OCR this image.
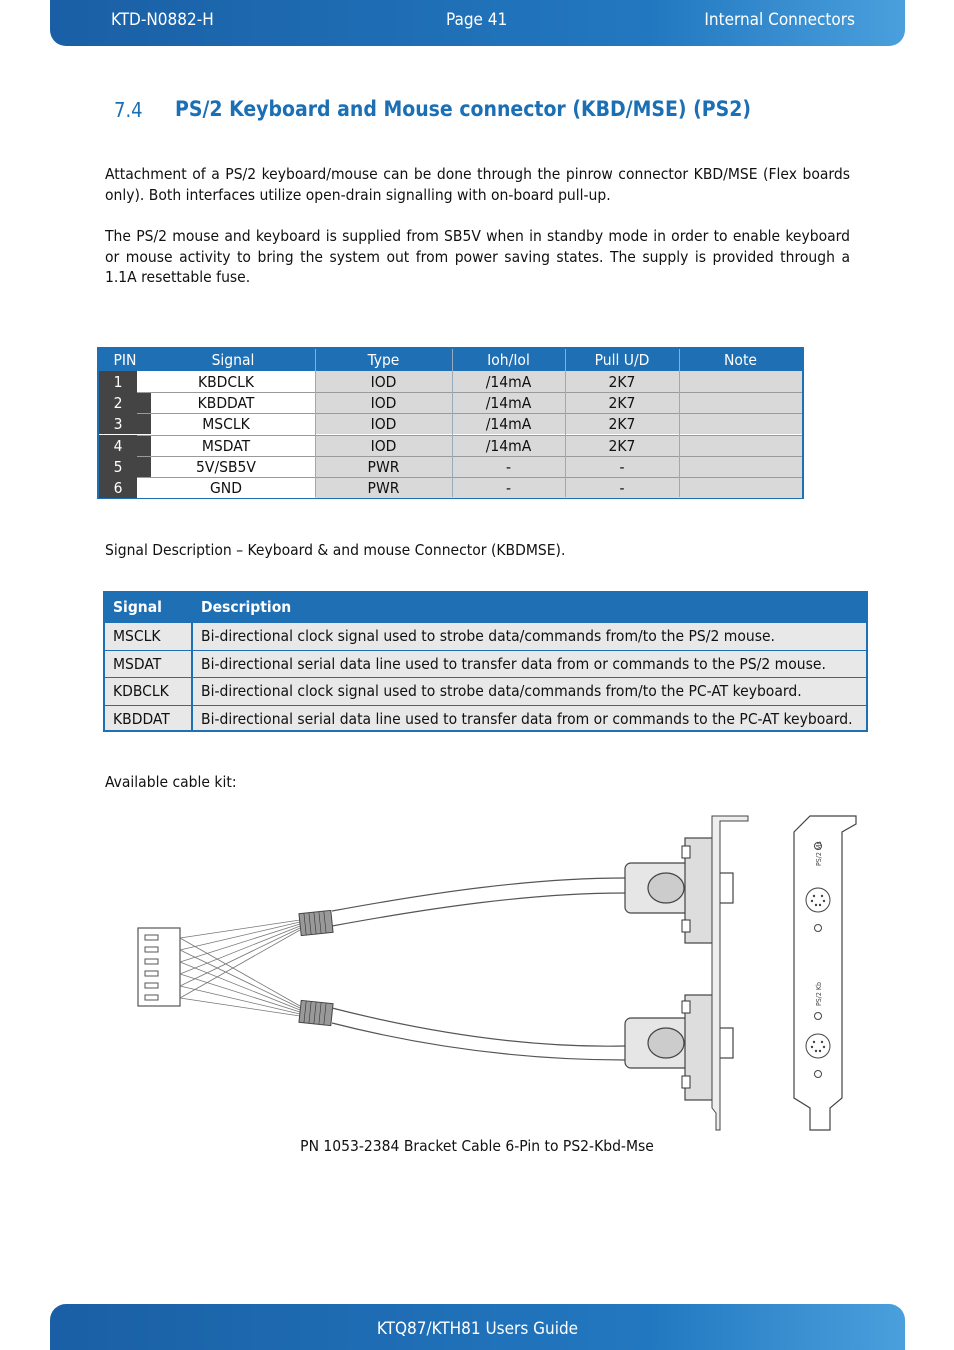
KTD-N0882-H	Page 41	Internal Connectors
7.4 PS/2 Keyboard and Mouse connector (KBD/MSE) (PS2)
Attachment of a PS/2 keyboard/mouse can be done through the pinrow connector KBD/MSE (Flex boards only). Both interfaces utilize open-drain signalling with on-board pull-up.
The PS/2 mouse and keyboard is supplied from SB5V when in standby mode in order to enable keyboard or mouse activity to bring the system out from power saving states. The supply is provided through a 1.1A resettable fuse.
PIN	Signal	Type	Ioh/Iol	Pull U/D	Note
1	KBDCLK	IOD	/14mA	2K7
2	KBDDAT	IOD	/14mA	2K7
3	MSCLK	IOD	/14mA	2K7
4	MSDAT	IOD	/14mA	2K7
5	5V/SB5V	PWR	-	-
6	GND	PWR	-	-
Signal Description – Keyboard & and mouse Connector (KBDMSE).
Signal	Description
MSCLK	Bi-directional clock signal used to strobe data/commands from/to the PS/2 mouse.
MSDAT	Bi-directional serial data line used to transfer data from or commands to the PS/2 mouse.
KDBCLK Bi-directional clock signal used to strobe data/commands from/to the PC-AT keyboard.
KBDDAT Bi-directional serial data line used to transfer data from or commands to the PC-AT keyboard.
Available cable kit:
PS/2 Ms
PS/2 Kb
PN 1053-2384 Bracket Cable 6-Pin to PS2-Kbd-Mse
KTQ87/KTH81 Users Guide
